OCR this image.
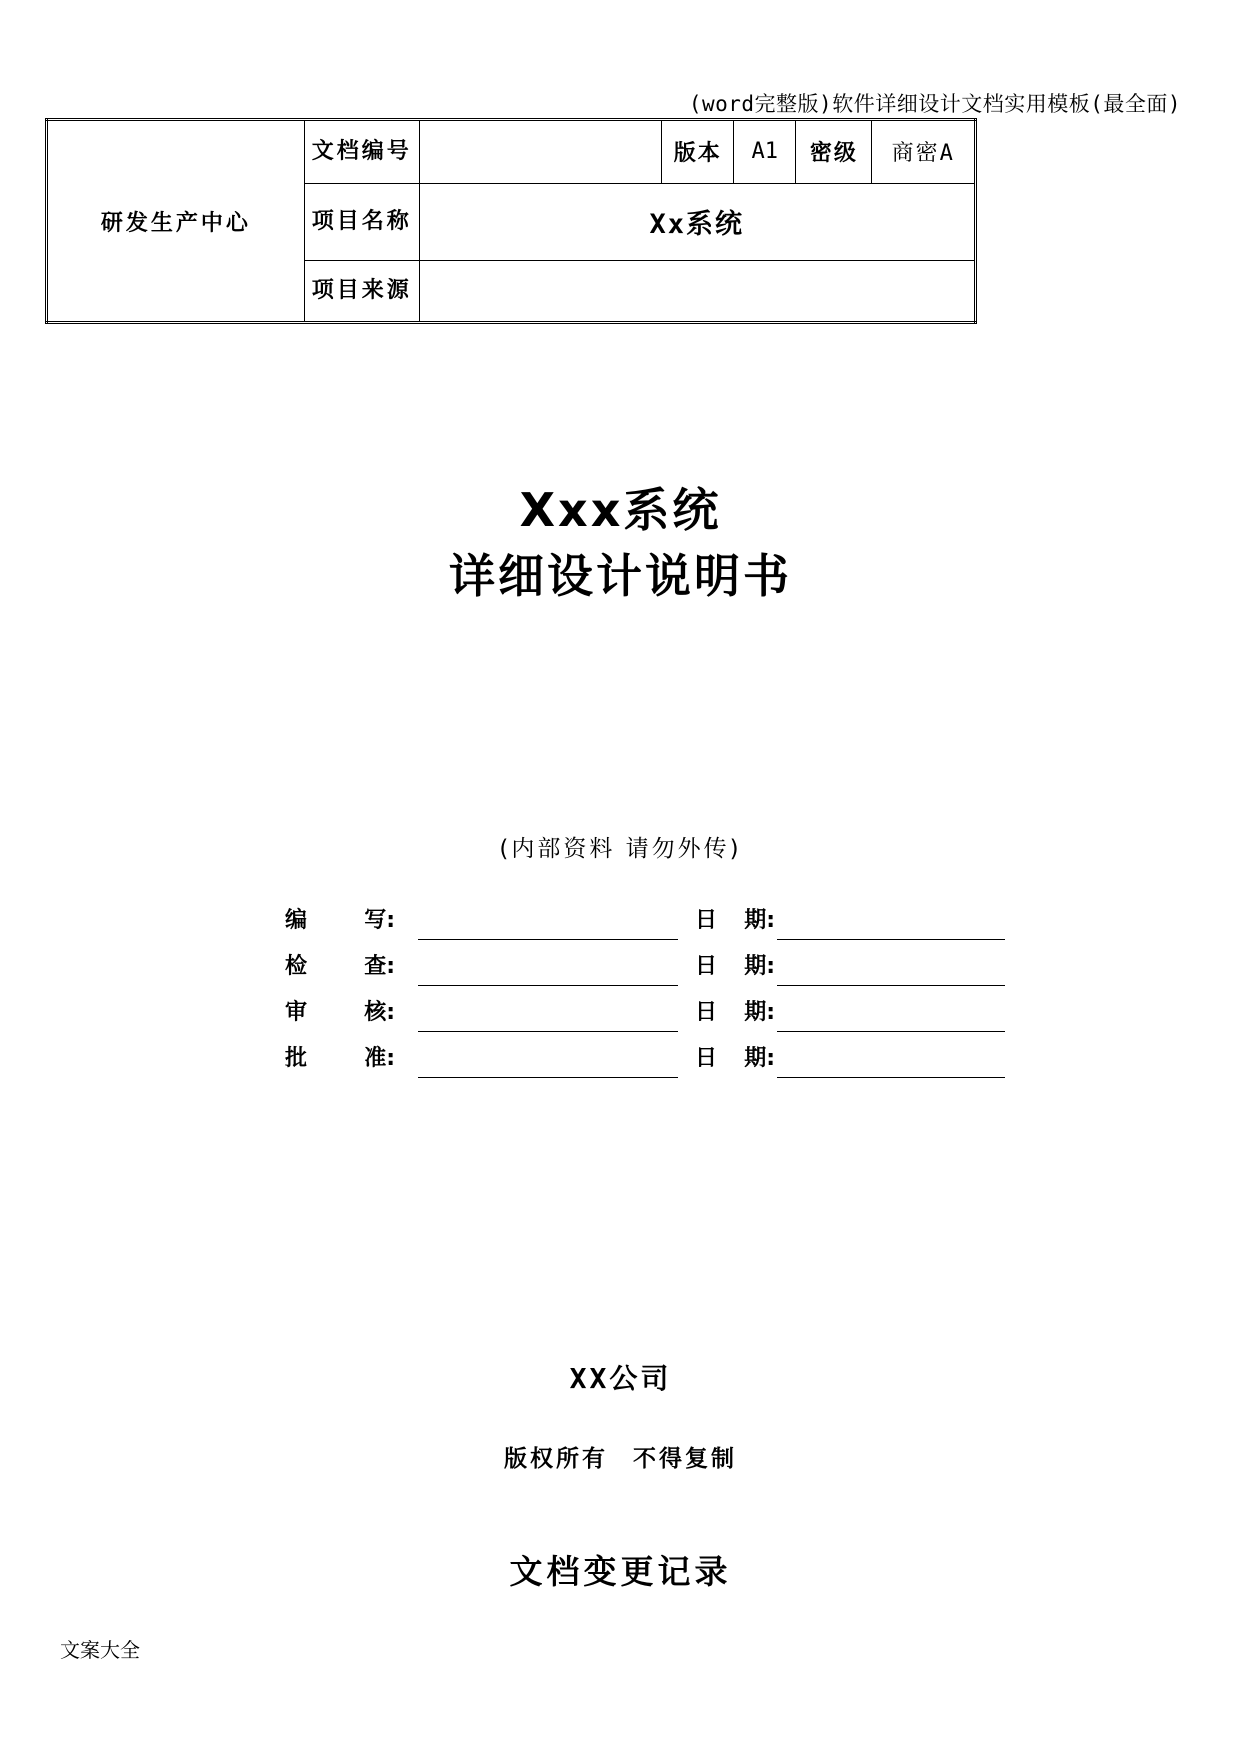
(word完整版)软件详细设计文档实用模板(最全面)
研发生产中心	文档编号		版本	A1	密级	商密A
	项目名称	Xx系统				
	项目来源					
Xxx系统
详细设计说明书
(内部资料 请勿外传)
编	写:	日 期:
检	查:	日 期:
审	核:	日 期:
批	准:	日 期:
XX公司
版权所有 不得复制
文档变更记录
文案大全
